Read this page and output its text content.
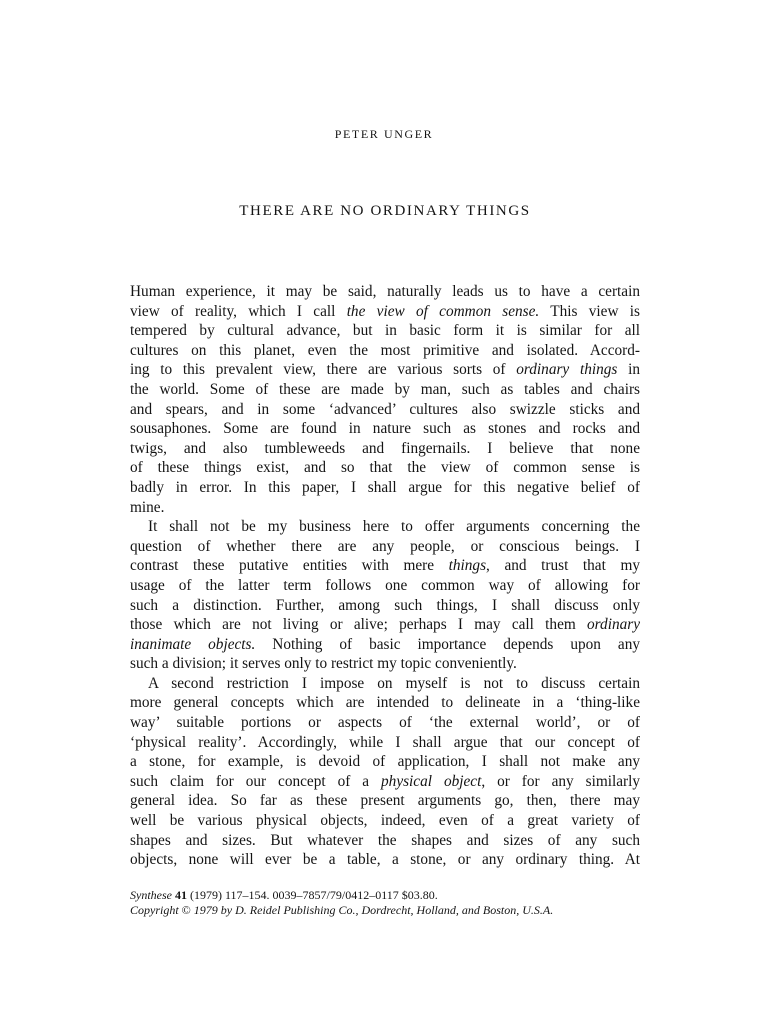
PETER UNGER
THERE ARE NO ORDINARY THINGS
Human experience, it may be said, naturally leads us to have a certain
view of reality, which I call the view of common sense. This view is
tempered by cultural advance, but in basic form it is similar for all
cultures on this planet, even the most primitive and isolated. Accord-
ing to this prevalent view, there are various sorts of ordinary things in
the world. Some of these are made by man, such as tables and chairs
and spears, and in some ‘advanced’ cultures also swizzle sticks and
sousaphones. Some are found in nature such as stones and rocks and
twigs, and also tumbleweeds and fingernails. I believe that none
of these things exist, and so that the view of common sense is
badly in error. In this paper, I shall argue for this negative belief of
mine.
It shall not be my business here to offer arguments concerning the
question of whether there are any people, or conscious beings. I
contrast these putative entities with mere things, and trust that my
usage of the latter term follows one common way of allowing for
such a distinction. Further, among such things, I shall discuss only
those which are not living or alive; perhaps I may call them ordinary
inanimate objects. Nothing of basic importance depends upon any
such a division; it serves only to restrict my topic conveniently.
A second restriction I impose on myself is not to discuss certain
more general concepts which are intended to delineate in a ‘thing-like
way’ suitable portions or aspects of ‘the external world’, or of
‘physical reality’. Accordingly, while I shall argue that our concept of
a stone, for example, is devoid of application, I shall not make any
such claim for our concept of a physical object, or for any similarly
general idea. So far as these present arguments go, then, there may
well be various physical objects, indeed, even of a great variety of
shapes and sizes. But whatever the shapes and sizes of any such
objects, none will ever be a table, a stone, or any ordinary thing. At
Synthese 41 (1979) 117–154. 0039–7857/79/0412–0117 $03.80.
Copyright © 1979 by D. Reidel Publishing Co., Dordrecht, Holland, and Boston, U.S.A.
